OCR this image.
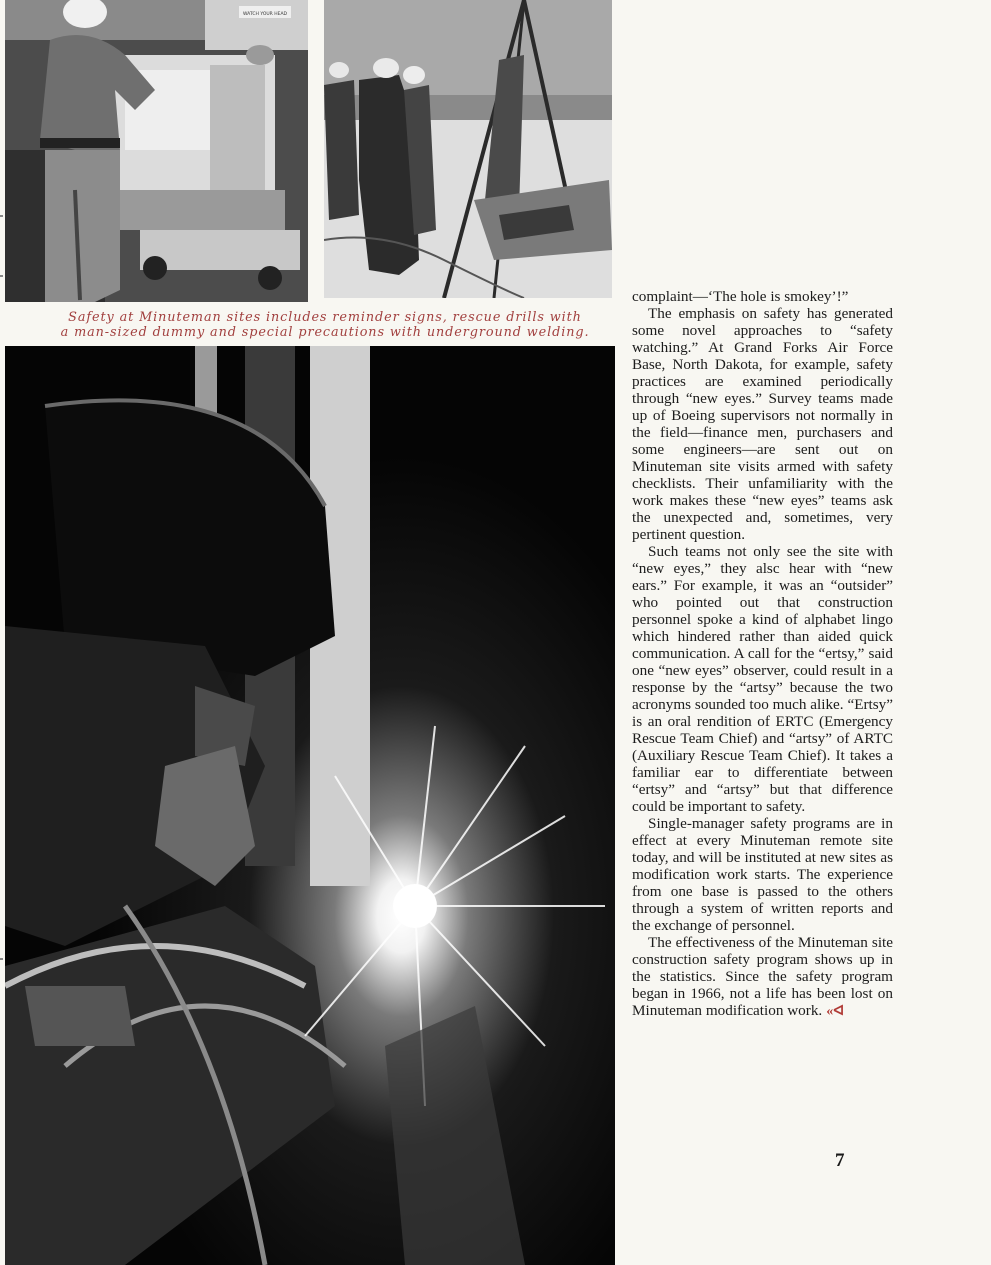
WATCH YOUR HEAD
Safety at Minuteman sites includes reminder signs, rescue drills with
a man-sized dummy and special precautions with underground welding.

complaint—‘The hole is smokey’!”

The emphasis on safety has generated some novel approaches to “safety watching.” At Grand Forks Air Force Base, North Dakota, for example, safety practices are examined periodically through “new eyes.” Survey teams made up of Boeing supervisors not normally in the field—finance men, purchasers and some engineers—are sent out on Minuteman site visits armed with safety checklists. Their unfamiliarity with the work makes these “new eyes” teams ask the unexpected and, sometimes, very pertinent question.

Such teams not only see the site with “new eyes,” they alsc hear with “new ears.” For example, it was an “outsider” who pointed out that construction personnel spoke a kind of alphabet lingo which hindered rather than aided quick communication. A call for the “ertsy,” said one “new eyes” observer, could result in a response by the “artsy” because the two acronyms sounded too much alike. “Ertsy” is an oral rendition of ERTC (Emergency Rescue Team Chief) and “artsy” of ARTC (Auxiliary Rescue Team Chief). It takes a familiar ear to differentiate between “ertsy” and “artsy” but that difference could be important to safety.

Single-manager safety programs are in effect at every Minuteman remote site today, and will be instituted at new sites as modification work starts. The experience from one base is passed to the others through a system of written reports and the exchange of personnel.

The effectiveness of the Minuteman site construction safety program shows up in the statistics. Since the safety program began in 1966, not a life has been lost on Minuteman modification work. «ᐊ

7
